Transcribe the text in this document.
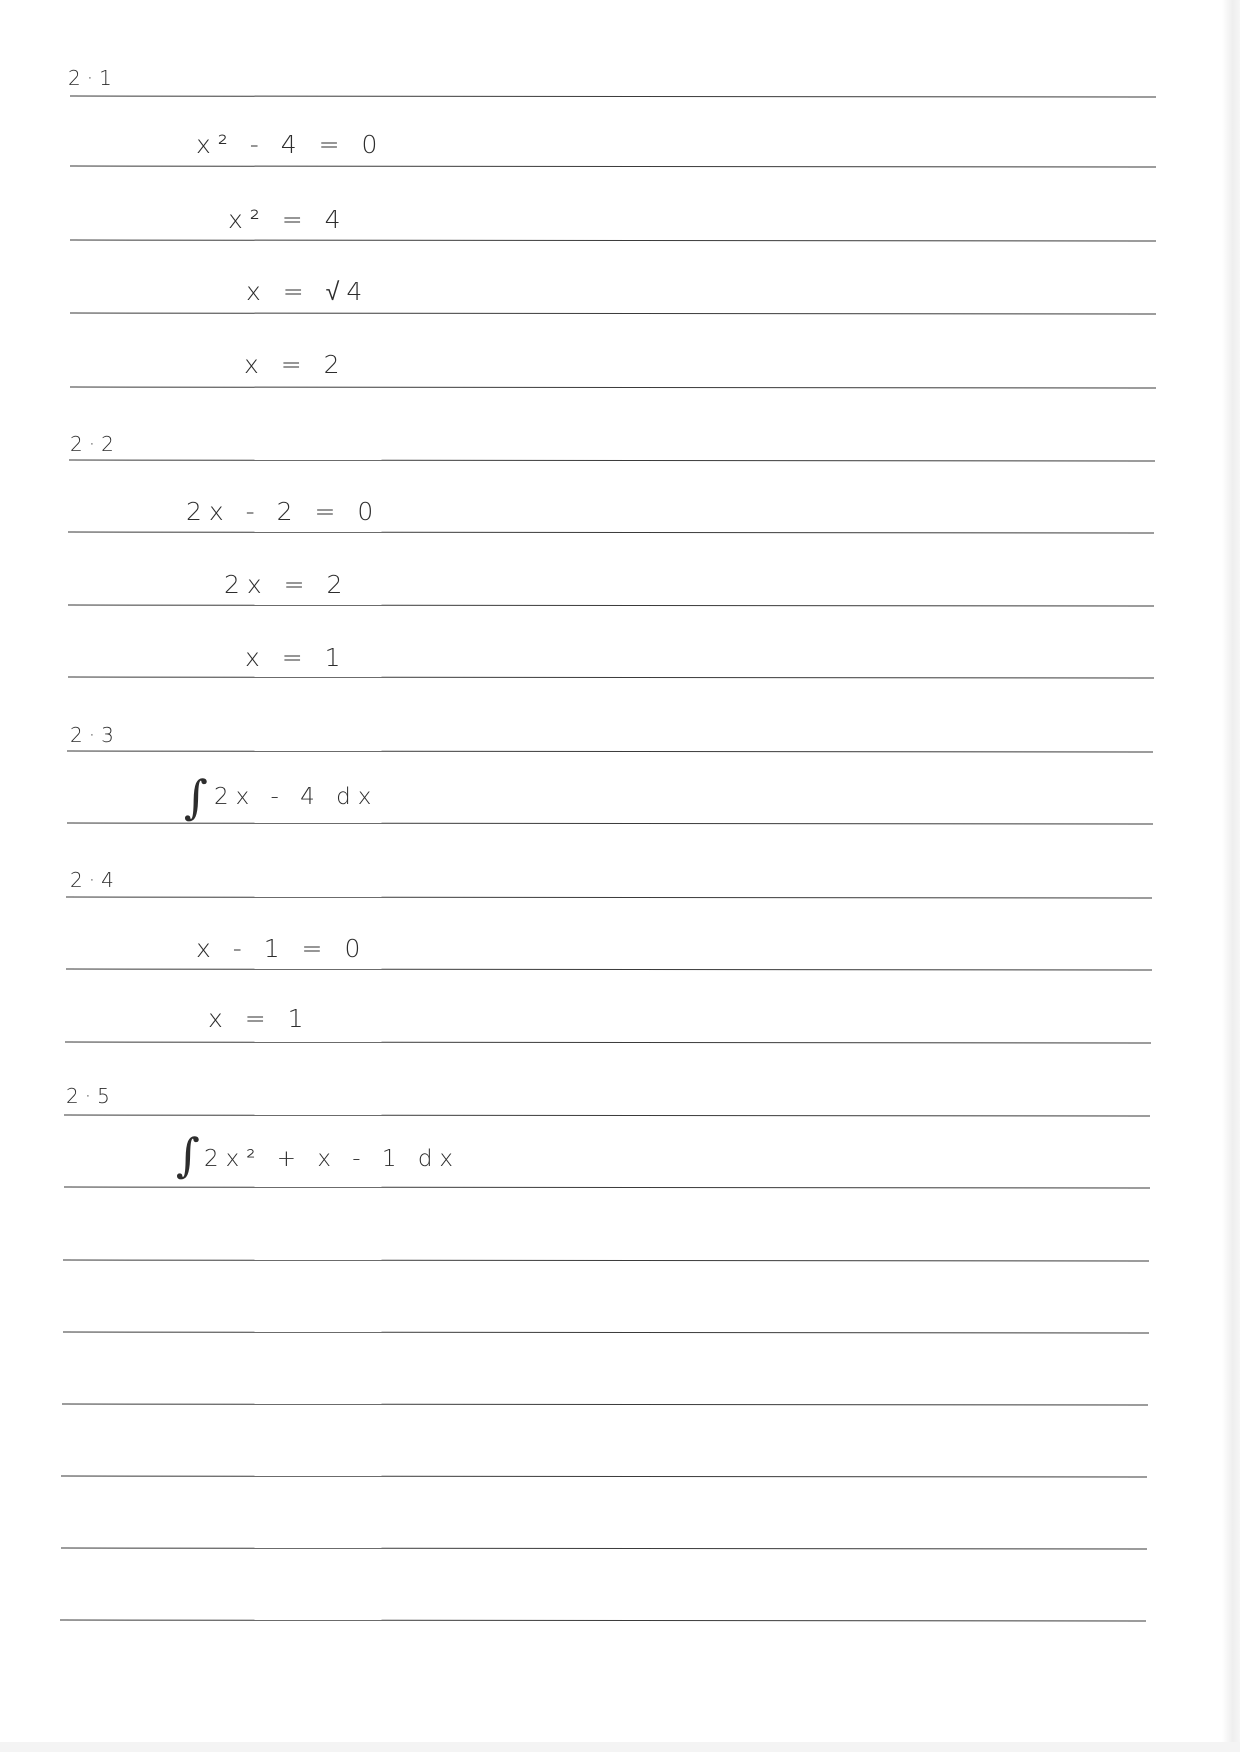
2·1
x² - 4 = 0
x² = 4
x = √4
x = 2
2·2
2x - 2 = 0
2x = 2
x = 1
2·3
∫ 2x - 4 dx
2·4
x - 1 = 0
x = 1
2·5
∫ 2x² + x - 1 dx
